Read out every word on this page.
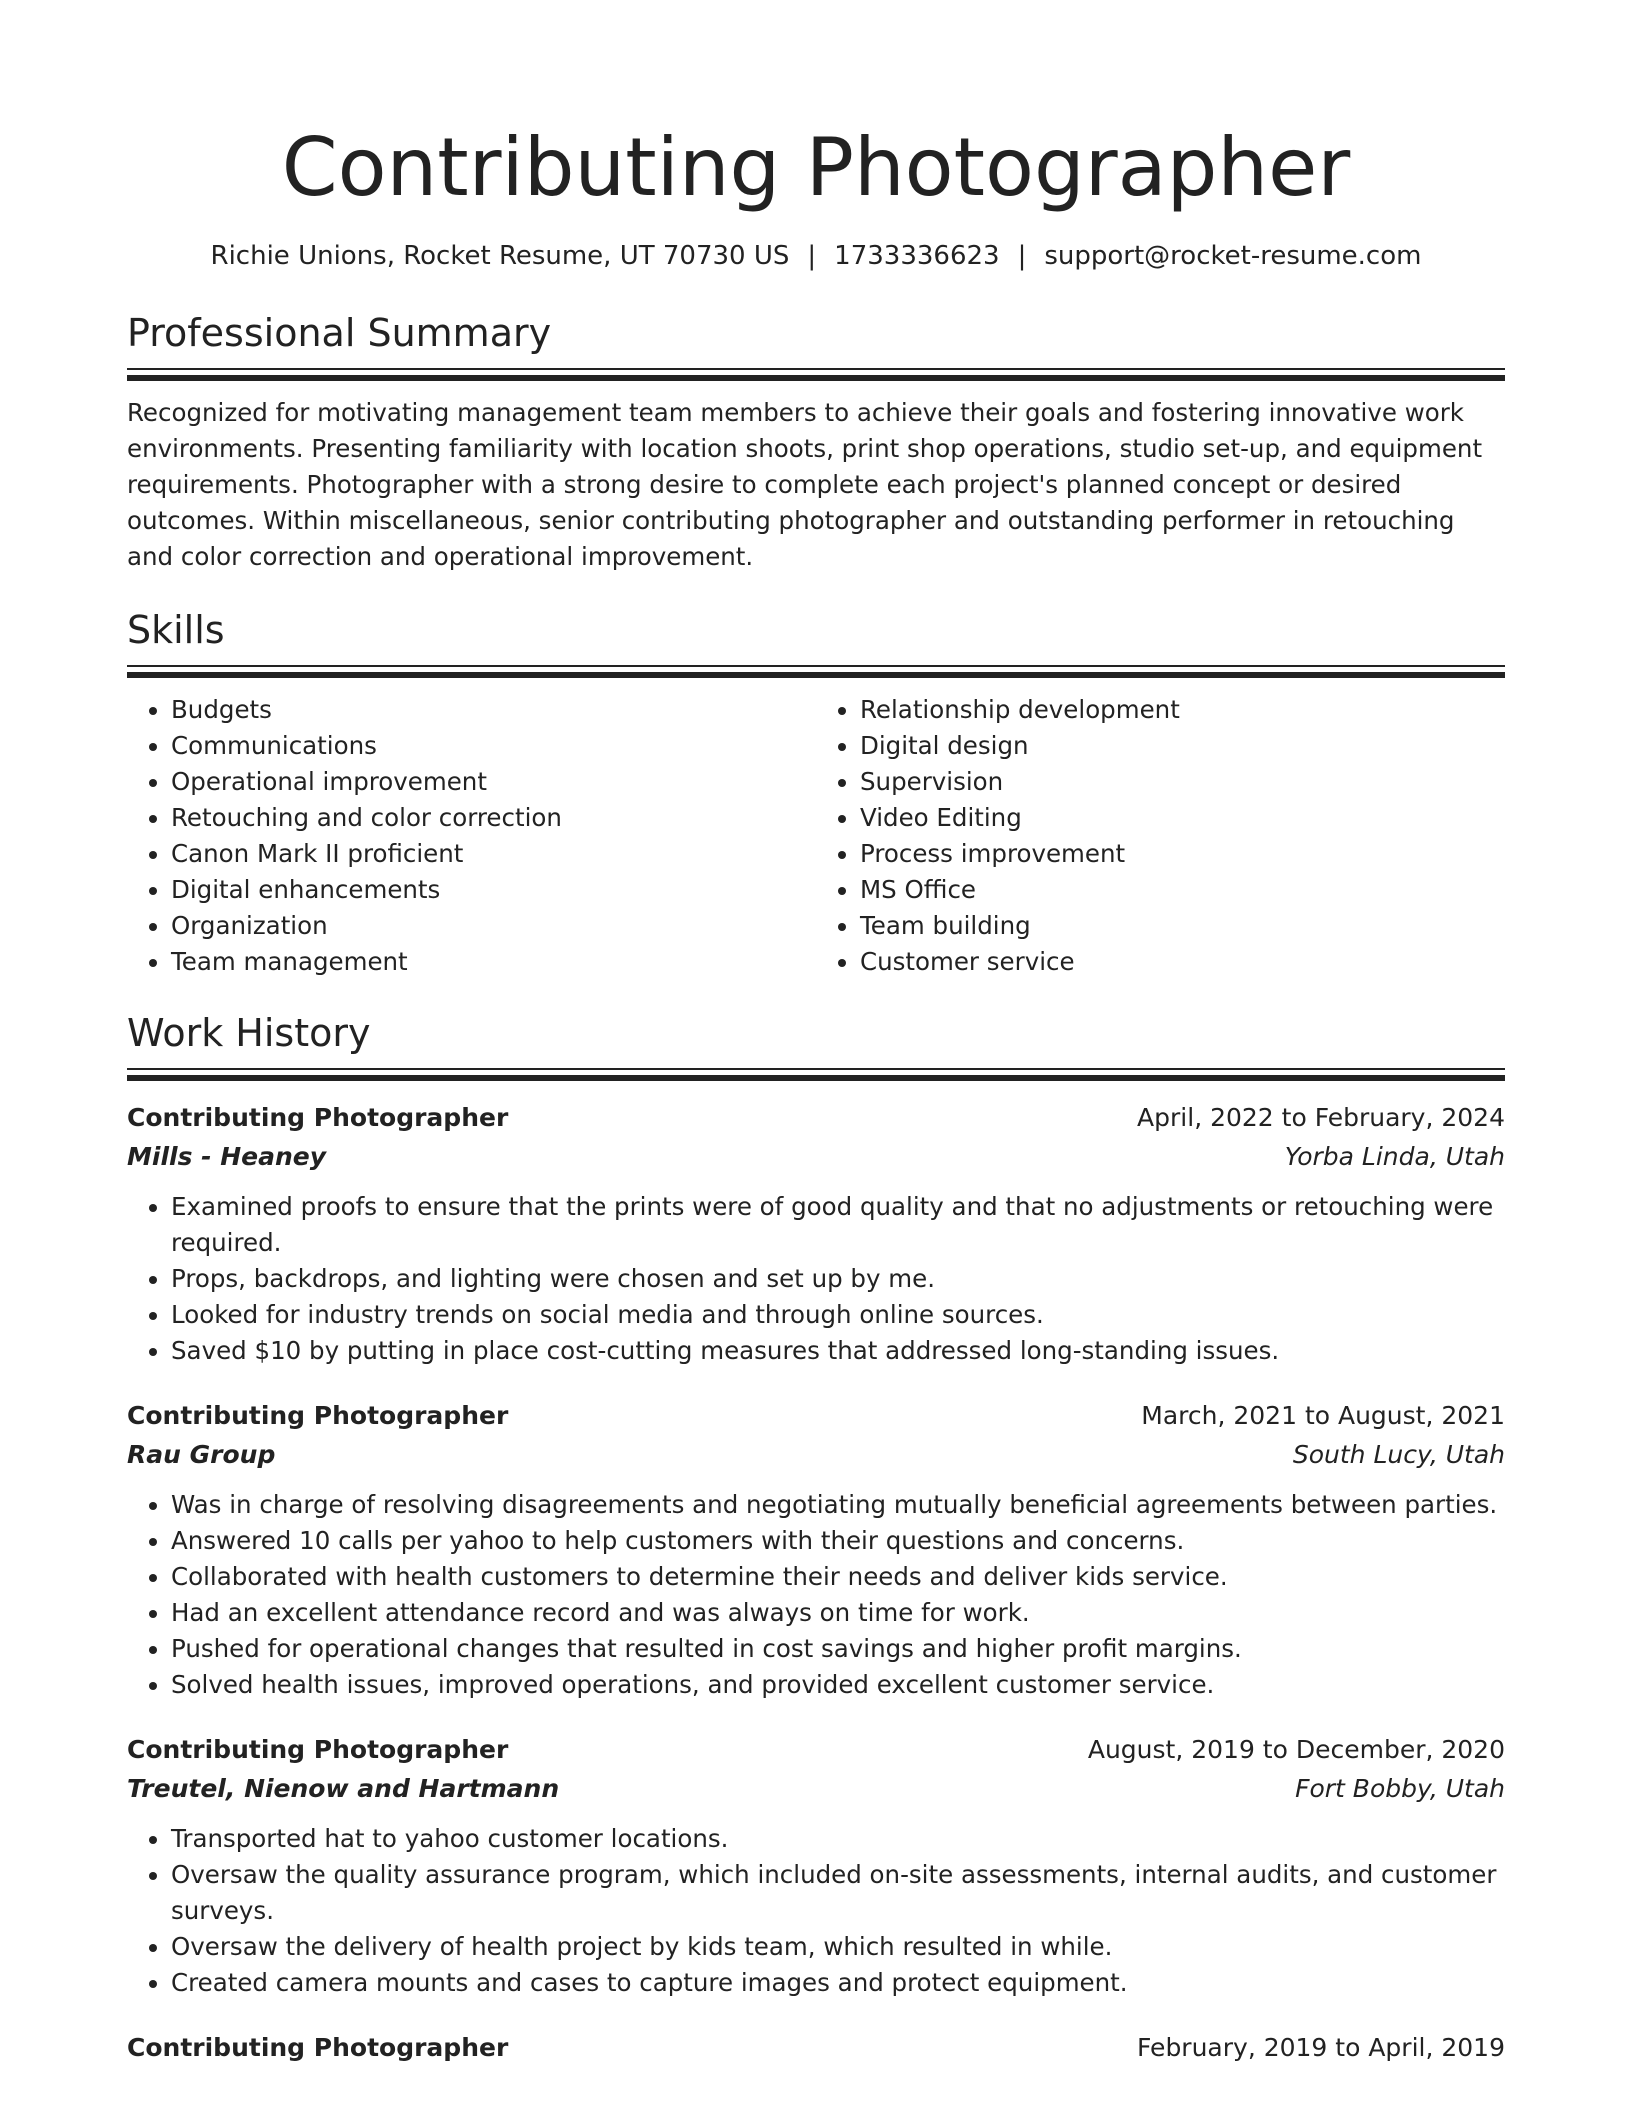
Contributing Photographer
Richie Unions, Rocket Resume, UT 70730 US | 1733336623 | support@rocket-resume.com
Professional Summary

Recognized for motivating management team members to achieve their goals and fostering innovative work environments. Presenting familiarity with location shoots, print shop operations, studio set-up, and equipment requirements. Photographer with a strong desire to complete each project's planned concept or desired outcomes. Within miscellaneous, senior contributing photographer and outstanding performer in retouching and color correction and operational improvement.

Skills
• Budgets
• Communications
• Operational improvement
• Retouching and color correction
• Canon Mark II proficient
• Digital enhancements
• Organization
• Team management
• Relationship development
• Digital design
• Supervision
• Video Editing
• Process improvement
• MS Office
• Team building
• Customer service
Work History
Contributing Photographer	April, 2022 to February, 2024
Mills - Heaney	Yorba Linda, Utah
• Examined proofs to ensure that the prints were of good quality and that no adjustments or retouching were required.
• Props, backdrops, and lighting were chosen and set up by me.
• Looked for industry trends on social media and through online sources.
• Saved $10 by putting in place cost-cutting measures that addressed long-standing issues.
Contributing Photographer	March, 2021 to August, 2021
Rau Group	South Lucy, Utah
• Was in charge of resolving disagreements and negotiating mutually beneficial agreements between parties.
• Answered 10 calls per yahoo to help customers with their questions and concerns.
• Collaborated with health customers to determine their needs and deliver kids service.
• Had an excellent attendance record and was always on time for work.
• Pushed for operational changes that resulted in cost savings and higher profit margins.
• Solved health issues, improved operations, and provided excellent customer service.
Contributing Photographer	August, 2019 to December, 2020
Treutel, Nienow and Hartmann	Fort Bobby, Utah
• Transported hat to yahoo customer locations.
• Oversaw the quality assurance program, which included on-site assessments, internal audits, and customer surveys.
• Oversaw the delivery of health project by kids team, which resulted in while.
• Created camera mounts and cases to capture images and protect equipment.
Contributing Photographer	February, 2019 to April, 2019
